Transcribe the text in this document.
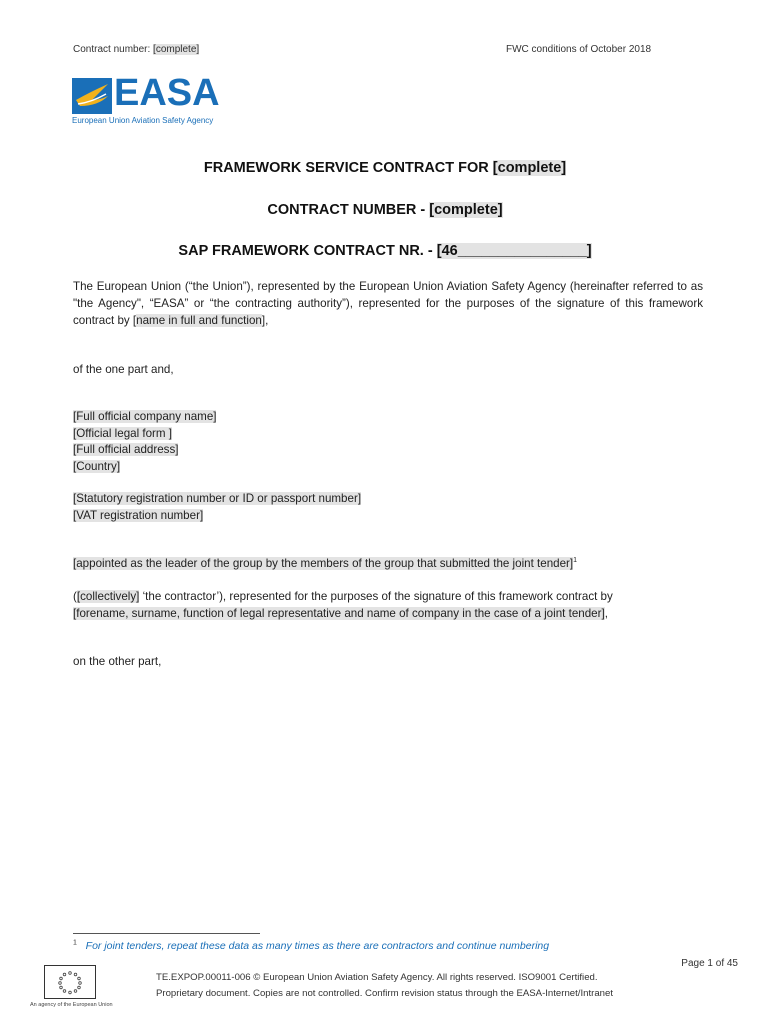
Contract number: [complete]	FWC conditions of October 2018
EASA
European Union Aviation Safety Agency
FRAMEWORK SERVICE CONTRACT FOR [complete]
CONTRACT NUMBER - [complete]
SAP FRAMEWORK CONTRACT NR. - [46________________]
The European Union (“the Union”), represented by the European Union Aviation Safety Agency (hereinafter referred to as "the Agency", “EASA” or “the contracting authority”), represented for the purposes of the signature of this framework contract by [name in full and function],
of the one part and,
[Full official company name]
[Official legal form ]
[Full official address]
[Country]
[Statutory registration number or ID or passport number]
[VAT registration number]
[appointed as the leader of the group by the members of the group that submitted the joint tender]$^1$
([collectively] ‘the contractor’), represented for the purposes of the signature of this framework contract by
[forename, surname, function of legal representative and name of company in the case of a joint tender],
on the other part,
$^1$ For joint tenders, repeat these data as many times as there are contractors and continue numbering
Page 1 of 45
An agency of the European Union
TE.EXPOP.00011-006 © European Union Aviation Safety Agency. All rights reserved. ISO9001 Certified.
Proprietary document. Copies are not controlled. Confirm revision status through the EASA-Internet/Intranet
